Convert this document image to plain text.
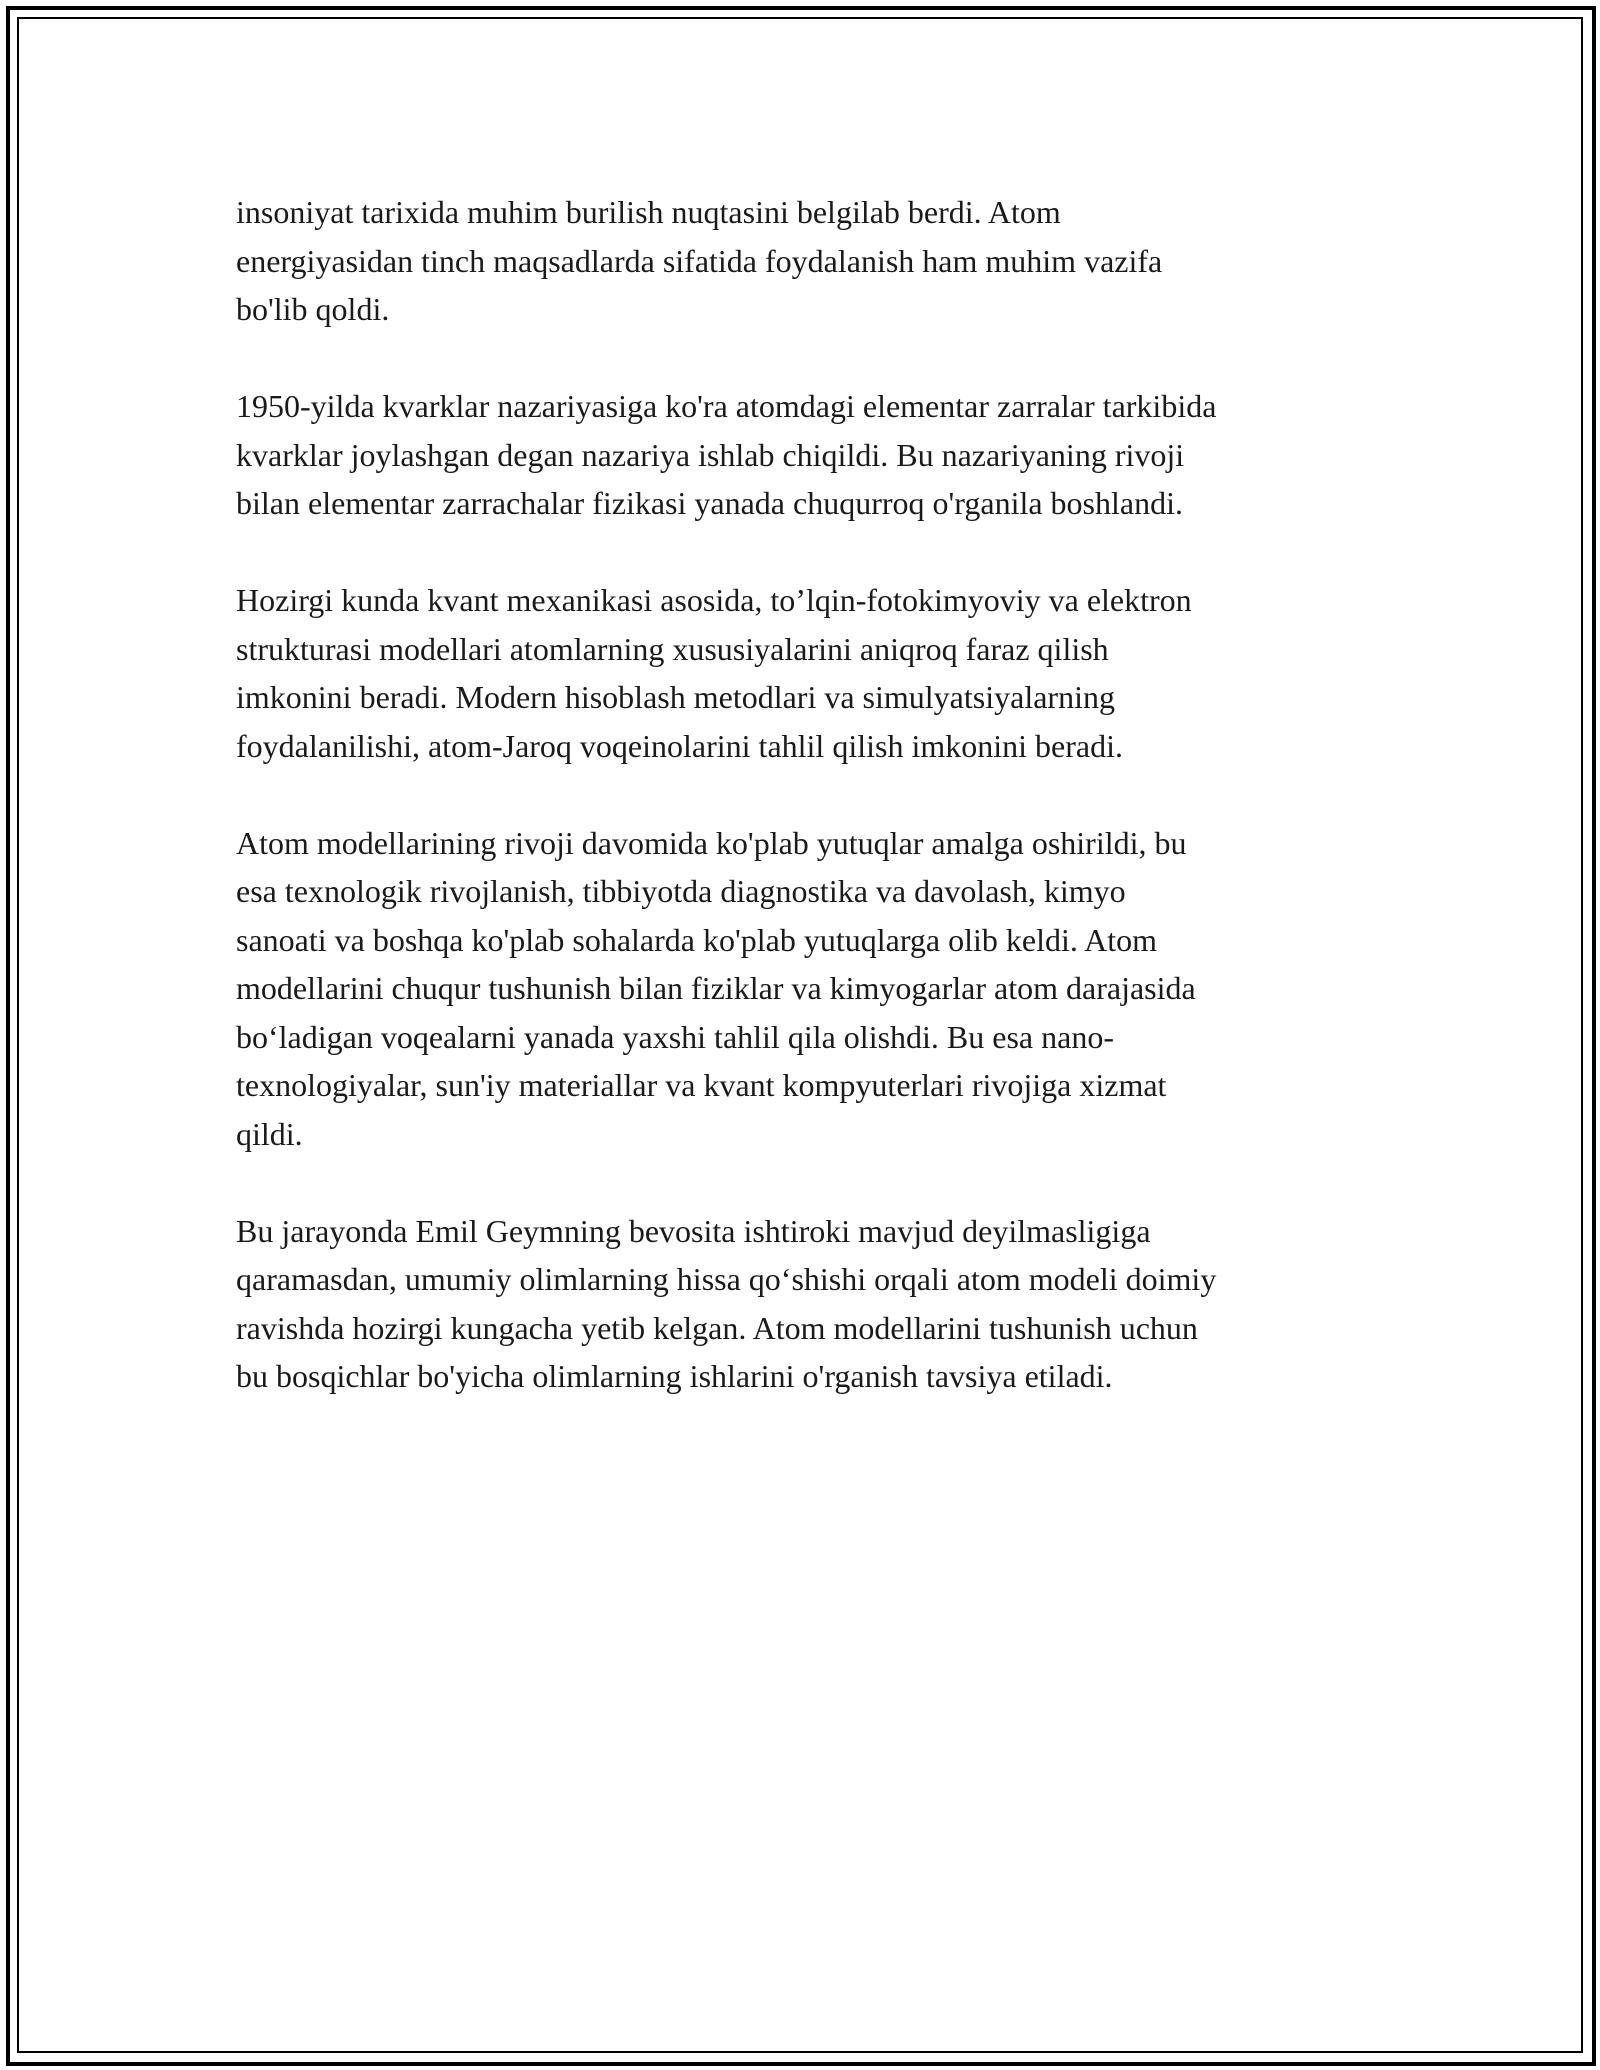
insoniyat tarixida muhim burilish nuqtasini belgilab berdi. Atom
energiyasidan tinch maqsadlarda sifatida foydalanish ham muhim vazifa
bo'lib qoldi.

1950-yilda kvarklar nazariyasiga ko'ra atomdagi elementar zarralar tarkibida
kvarklar joylashgan degan nazariya ishlab chiqildi. Bu nazariyaning rivoji
bilan elementar zarrachalar fizikasi yanada chuqurroq o'rganila boshlandi.

Hozirgi kunda kvant mexanikasi asosida, to’lqin-fotokimyoviy va elektron
strukturasi modellari atomlarning xususiyalarini aniqroq faraz qilish
imkonini beradi. Modern hisoblash metodlari va simulyatsiyalarning
foydalanilishi, atom-Jaroq voqeinolarini tahlil qilish imkonini beradi.

Atom modellarining rivoji davomida ko'plab yutuqlar amalga oshirildi, bu
esa texnologik rivojlanish, tibbiyotda diagnostika va davolash, kimyo
sanoati va boshqa ko'plab sohalarda ko'plab yutuqlarga olib keldi. Atom
modellarini chuqur tushunish bilan fiziklar va kimyogarlar atom darajasida
bo‘ladigan voqealarni yanada yaxshi tahlil qila olishdi. Bu esa nano-
texnologiyalar, sun'iy materiallar va kvant kompyuterlari rivojiga xizmat
qildi.

Bu jarayonda Emil Geymning bevosita ishtiroki mavjud deyilmasligiga
qaramasdan, umumiy olimlarning hissa qo‘shishi orqali atom modeli doimiy
ravishda hozirgi kungacha yetib kelgan. Atom modellarini tushunish uchun
bu bosqichlar bo'yicha olimlarning ishlarini o'rganish tavsiya etiladi.
